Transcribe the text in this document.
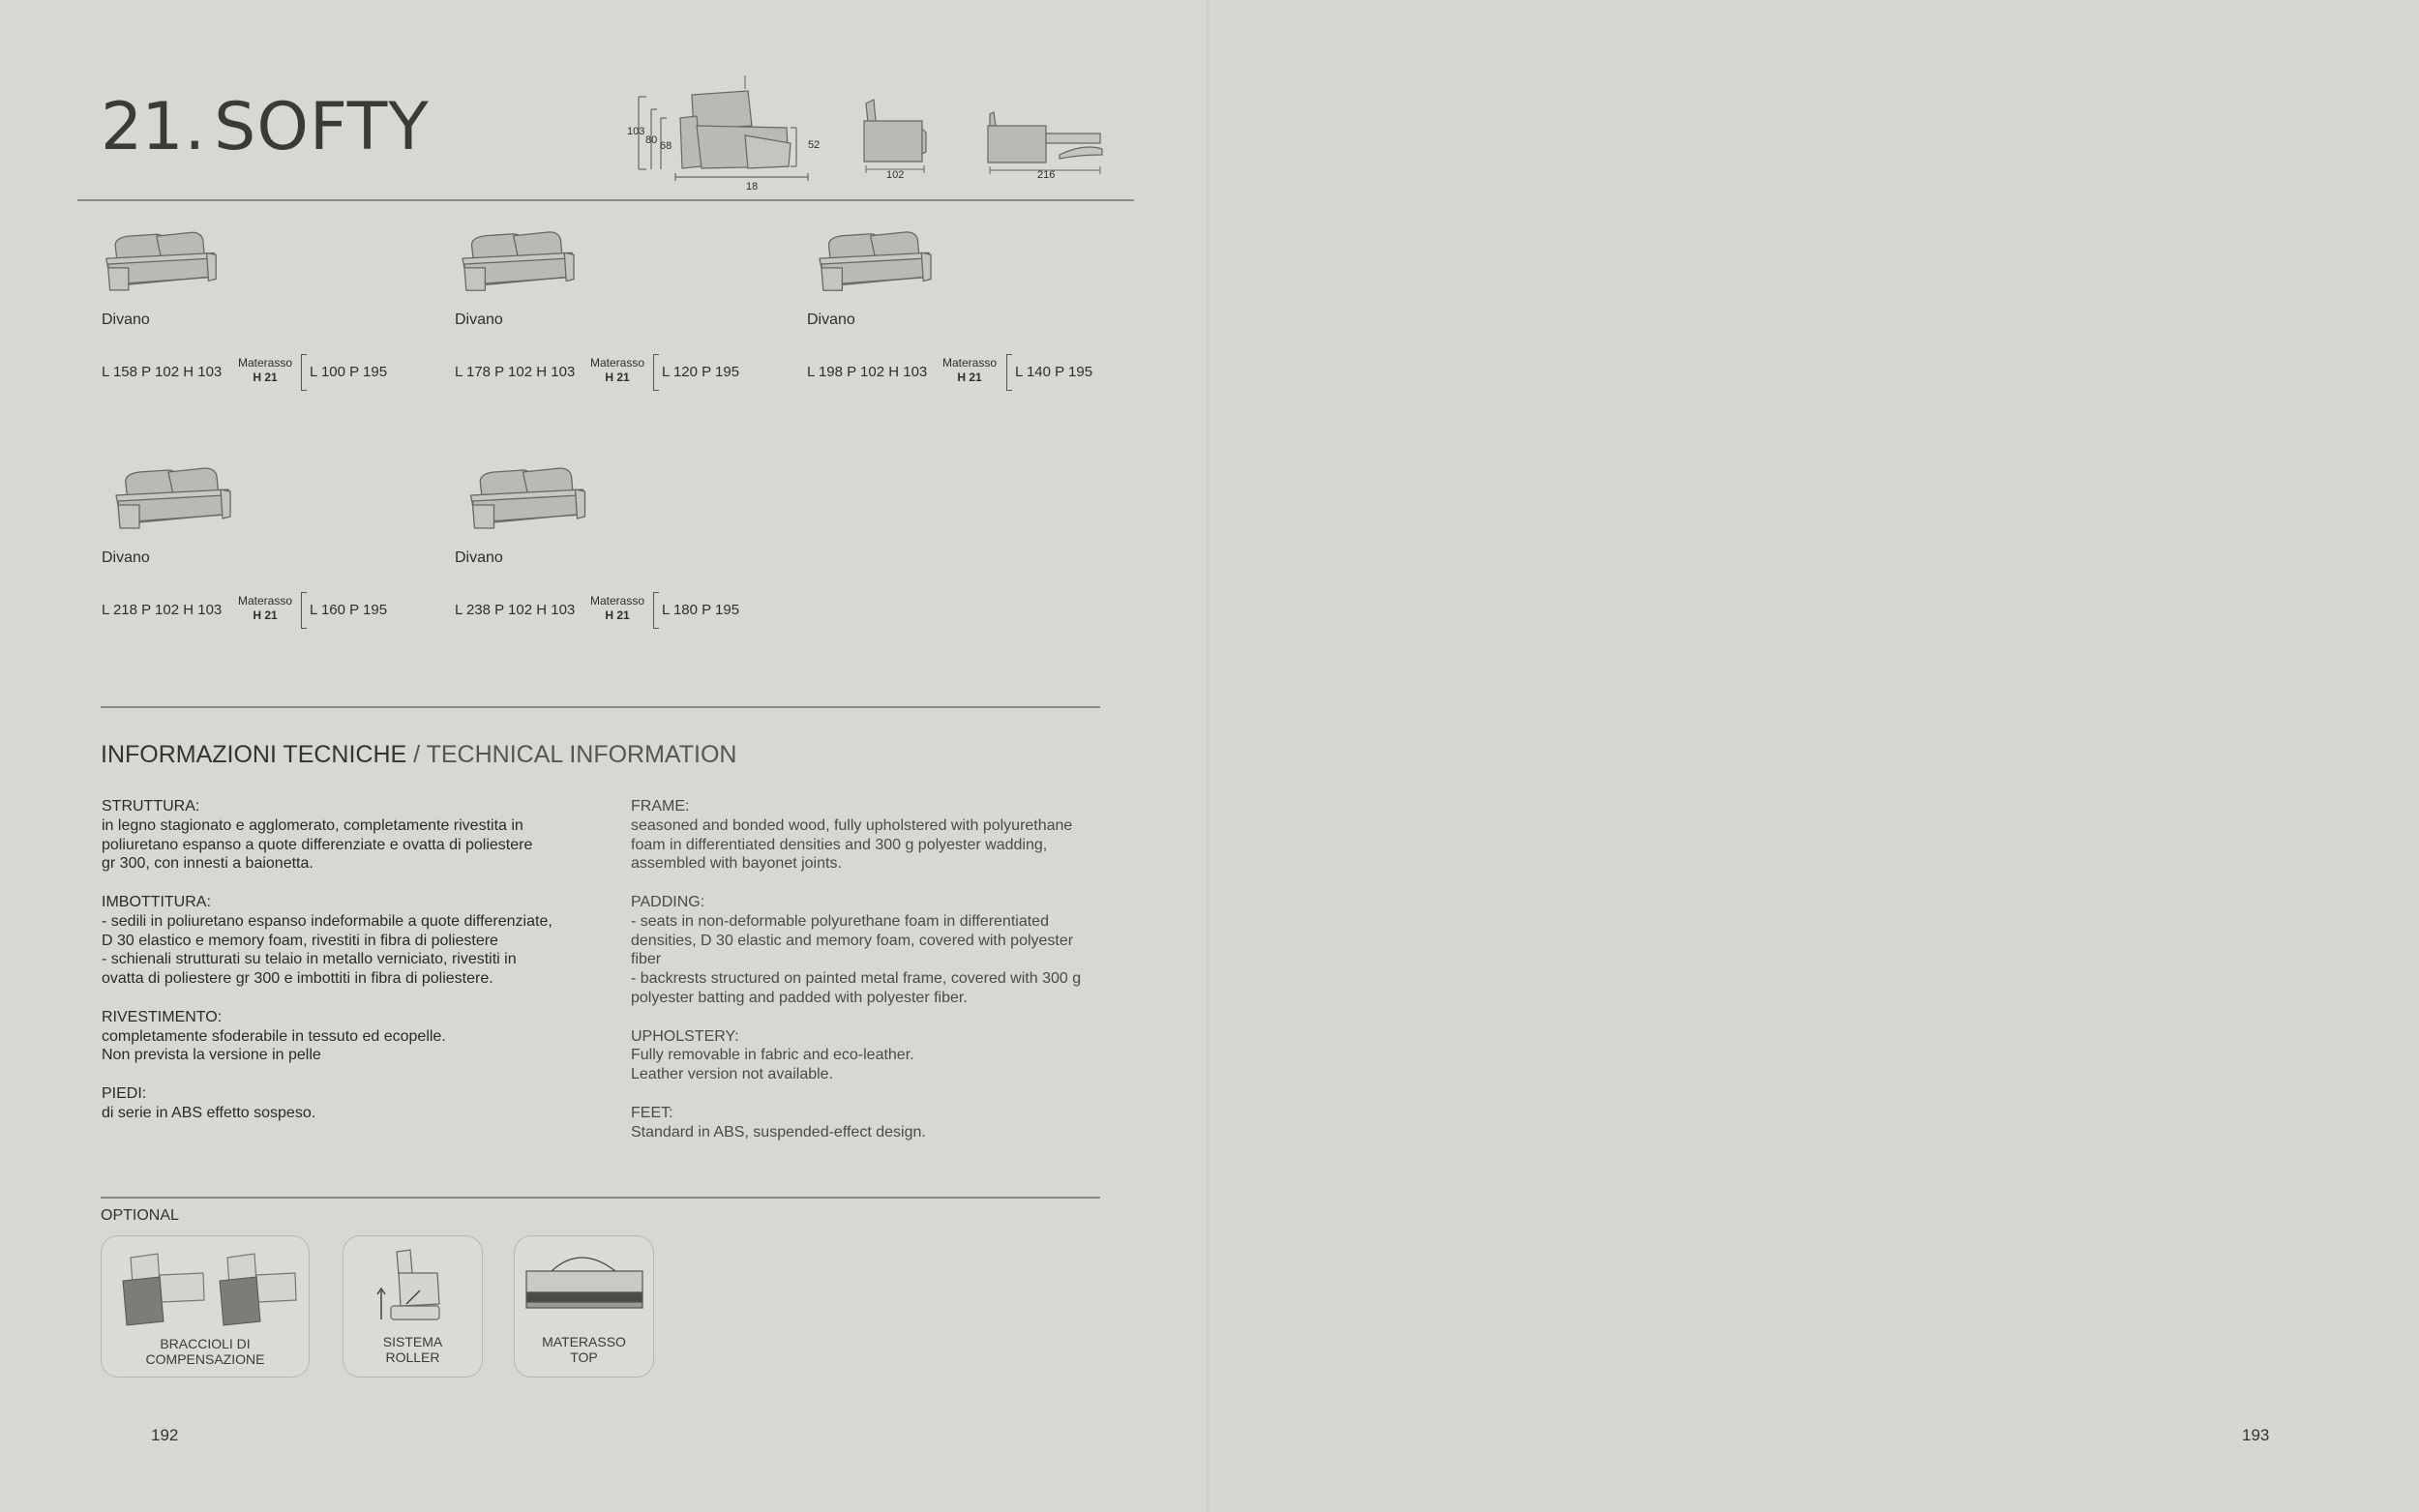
21. SOFTY	103
80 68	52
18
102	216
Divano
L 158 P 102 H 103
Materasso
H 21	L 100 P 195
Divano
L 178 P 102 H 103
Materasso
H 21	L 120 P 195
Divano
L 198 P 102 H 103
Materasso
H 21	L 140 P 195
Divano
L 218 P 102 H 103
Materasso
H 21	L 160 P 195
Divano
L 238 P 102 H 103
Materasso
H 21	L 180 P 195
INFORMAZIONI TECNICHE / TECHNICAL INFORMATION
STRUTTURA:
in legno stagionato e agglomerato, completamente rivestita in
poliuretano espanso a quote differenziate e ovatta di poliestere
gr 300, con innesti a baionetta.
IMBOTTITURA:
- sedili in poliuretano espanso indeformabile a quote differenziate,
D 30 elastico e memory foam, rivestiti in fibra di poliestere
- schienali strutturati su telaio in metallo verniciato, rivestiti in
ovatta di poliestere gr 300 e imbottiti in fibra di poliestere.
RIVESTIMENTO:
completamente sfoderabile in tessuto ed ecopelle.
Non prevista la versione in pelle
PIEDI:
di serie in ABS effetto sospeso.
FRAME:
seasoned and bonded wood, fully upholstered with polyurethane
foam in differentiated densities and 300 g polyester wadding,
assembled with bayonet joints.
PADDING:
- seats in non-deformable polyurethane foam in differentiated
densities, D 30 elastic and memory foam, covered with polyester
fiber
- backrests structured on painted metal frame, covered with 300 g
polyester batting and padded with polyester fiber.
UPHOLSTERY:
Fully removable in fabric and eco-leather.
Leather version not available.
FEET:
Standard in ABS, suspended-effect design.
OPTIONAL
BRACCIOLI DI
COMPENSAZIONE
SISTEMA
ROLLER
MATERASSO
TOP
192	193
